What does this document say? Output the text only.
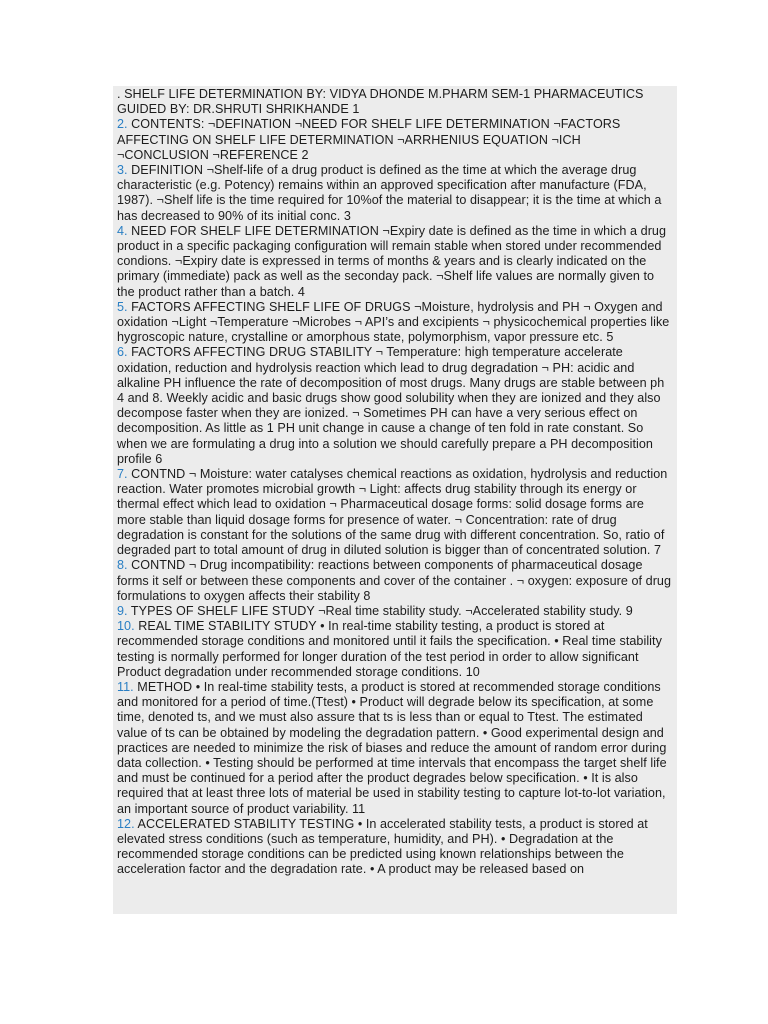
. SHELF LIFE DETERMINATION BY: VIDYA DHONDE M.PHARM SEM-1 PHARMACEUTICS GUIDED BY: DR.SHRUTI SHRIKHANDE 1

2. CONTENTS: ¬DEFINATION ¬NEED FOR SHELF LIFE DETERMINATION ¬FACTORS AFFECTING ON SHELF LIFE DETERMINATION ¬ARRHENIUS EQUATION ¬ICH ¬CONCLUSION ¬REFERENCE 2

3. DEFINITION ¬Shelf-life of a drug product is defined as the time at which the average drug characteristic (e.g. Potency) remains within an approved specification after manufacture (FDA, 1987). ¬Shelf life is the time required for 10%of the material to disappear; it is the time at which a has decreased to 90% of its initial conc. 3

4. NEED FOR SHELF LIFE DETERMINATION ¬Expiry date is defined as the time in which a drug product in a specific packaging configuration will remain stable when stored under recommended condions. ¬Expiry date is expressed in terms of months & years and is clearly indicated on the primary (immediate) pack as well as the seconday pack. ¬Shelf life values are normally given to the product rather than a batch. 4

5. FACTORS AFFECTING SHELF LIFE OF DRUGS ¬Moisture, hydrolysis and PH ¬ Oxygen and oxidation ¬Light ¬Temperature ¬Microbes ¬ API’s and excipients ¬ physicochemical properties like hygroscopic nature, crystalline or amorphous state, polymorphism, vapor pressure etc. 5

6. FACTORS AFFECTING DRUG STABILITY ¬ Temperature: high temperature accelerate oxidation, reduction and hydrolysis reaction which lead to drug degradation ¬ PH: acidic and alkaline PH influence the rate of decomposition of most drugs. Many drugs are stable between ph 4 and 8. Weekly acidic and basic drugs show good solubility when they are ionized and they also decompose faster when they are ionized. ¬ Sometimes PH can have a very serious effect on decomposition. As little as 1 PH unit change in cause a change of ten fold in rate constant. So when we are formulating a drug into a solution we should carefully prepare a PH decomposition profile 6

7. CONTND ¬ Moisture: water catalyses chemical reactions as oxidation, hydrolysis and reduction reaction. Water promotes microbial growth ¬ Light: affects drug stability through its energy or thermal effect which lead to oxidation ¬ Pharmaceutical dosage forms: solid dosage forms are more stable than liquid dosage forms for presence of water. ¬ Concentration: rate of drug degradation is constant for the solutions of the same drug with different concentration. So, ratio of degraded part to total amount of drug in diluted solution is bigger than of concentrated solution. 7

8. CONTND ¬ Drug incompatibility: reactions between components of pharmaceutical dosage forms it self or between these components and cover of the container . ¬ oxygen: exposure of drug formulations to oxygen affects their stability 8

9. TYPES OF SHELF LIFE STUDY ¬Real time stability study. ¬Accelerated stability study. 9

10. REAL TIME STABILITY STUDY • In real-time stability testing, a product is stored at recommended storage conditions and monitored until it fails the specification. • Real time stability testing is normally performed for longer duration of the test period in order to allow significant Product degradation under recommended storage conditions. 10

11. METHOD • In real-time stability tests, a product is stored at recommended storage conditions and monitored for a period of time.(Ttest) • Product will degrade below its specification, at some time, denoted ts, and we must also assure that ts is less than or equal to Ttest. The estimated value of ts can be obtained by modeling the degradation pattern. • Good experimental design and practices are needed to minimize the risk of biases and reduce the amount of random error during data collection. • Testing should be performed at time intervals that encompass the target shelf life and must be continued for a period after the product degrades below specification. • It is also required that at least three lots of material be used in stability testing to capture lot-to-lot variation, an important source of product variability. 11

12. ACCELERATED STABILITY TESTING • In accelerated stability tests, a product is stored at elevated stress conditions (such as temperature, humidity, and PH). • Degradation at the recommended storage conditions can be predicted using known relationships between the acceleration factor and the degradation rate. • A product may be released based on
